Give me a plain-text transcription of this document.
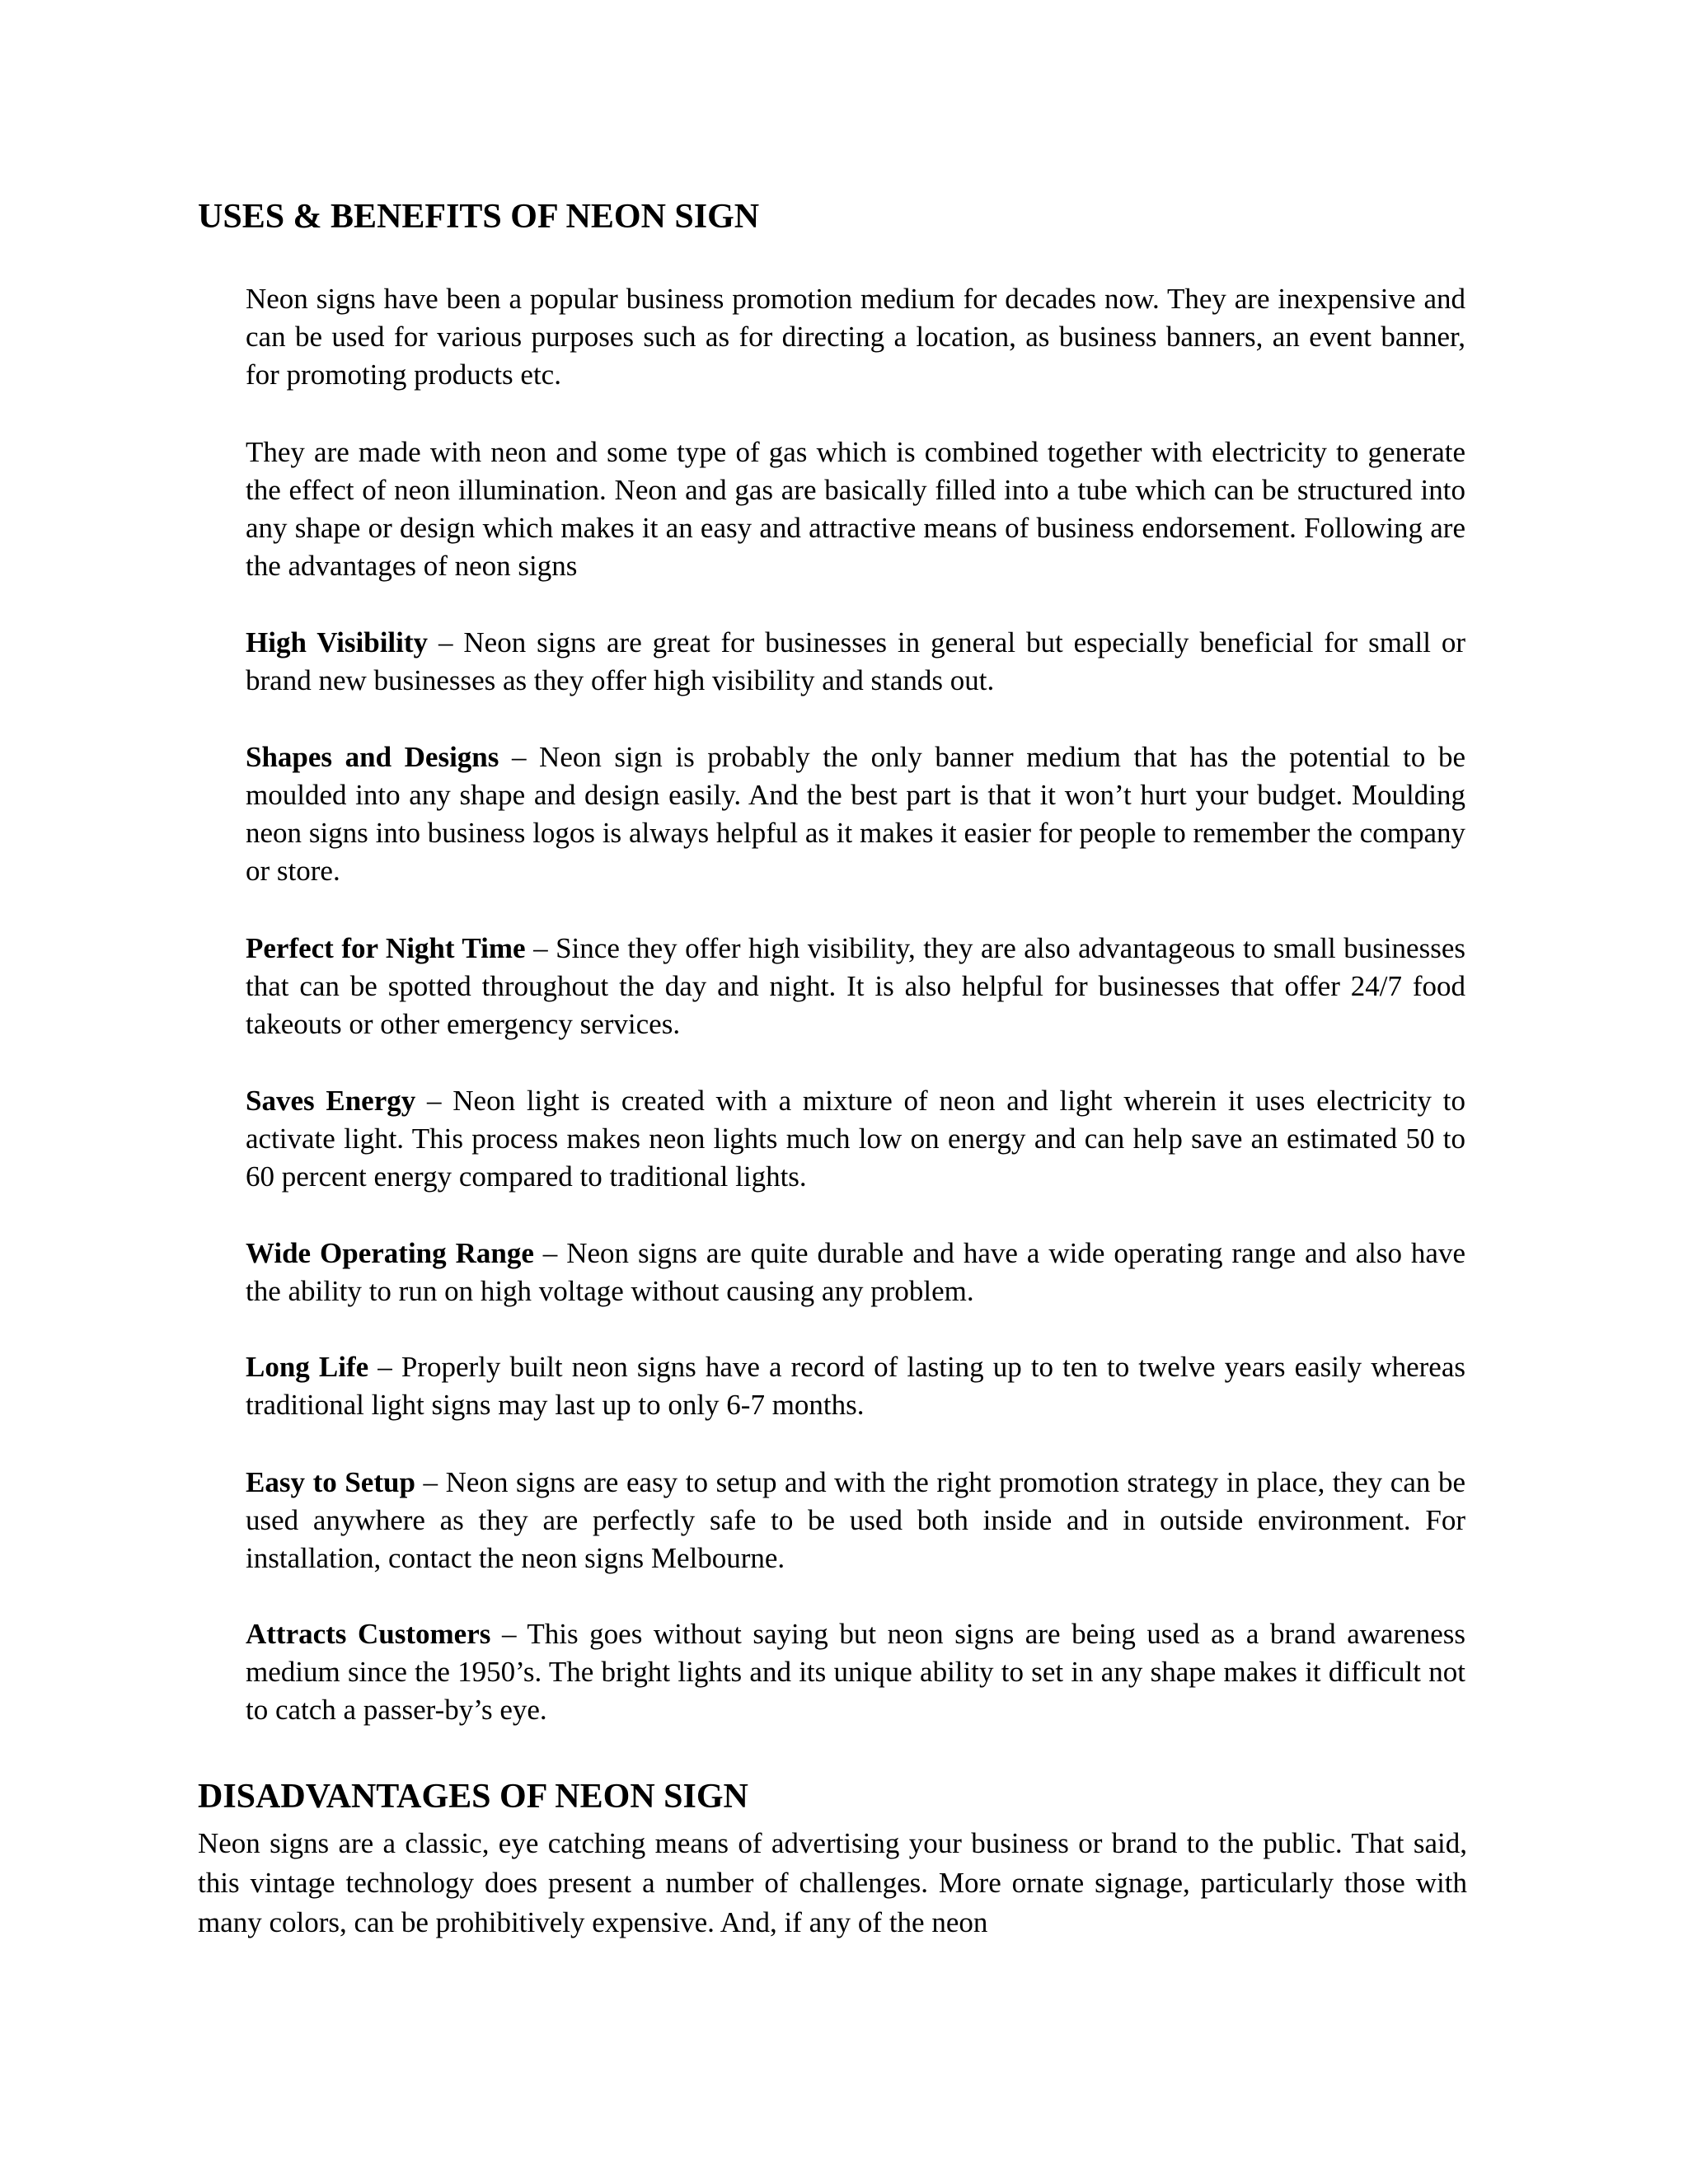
USES & BENEFITS OF NEON SIGN

Neon signs have been a popular business promotion medium for decades now. They are inexpensive and can be used for various purposes such as for directing a location, as business banners, an event banner, for promoting products etc.

They are made with neon and some type of gas which is combined together with electricity to generate the effect of neon illumination. Neon and gas are basically filled into a tube which can be structured into any shape or design which makes it an easy and attractive means of business endorsement. Following are the advantages of neon signs

High Visibility – Neon signs are great for businesses in general but especially beneficial for small or brand new businesses as they offer high visibility and stands out.

Shapes and Designs – Neon sign is probably the only banner medium that has the potential to be moulded into any shape and design easily. And the best part is that it won’t hurt your budget. Moulding neon signs into business logos is always helpful as it makes it easier for people to remember the company or store.

Perfect for Night Time – Since they offer high visibility, they are also advantageous to small businesses that can be spotted throughout the day and night. It is also helpful for businesses that offer 24/7 food takeouts or other emergency services.

Saves Energy – Neon light is created with a mixture of neon and light wherein it uses electricity to activate light. This process makes neon lights much low on energy and can help save an estimated 50 to 60 percent energy compared to traditional lights.

Wide Operating Range – Neon signs are quite durable and have a wide operating range and also have the ability to run on high voltage without causing any problem.

Long Life – Properly built neon signs have a record of lasting up to ten to twelve years easily whereas traditional light signs may last up to only 6-7 months.

Easy to Setup – Neon signs are easy to setup and with the right promotion strategy in place, they can be used anywhere as they are perfectly safe to be used both inside and in outside environment. For installation, contact the neon signs Melbourne.

Attracts Customers – This goes without saying but neon signs are being used as a brand awareness medium since the 1950’s. The bright lights and its unique ability to set in any shape makes it difficult not to catch a passer-by’s eye.

DISADVANTAGES OF NEON SIGN

Neon signs are a classic, eye catching means of advertising your business or brand to the public. That said, this vintage technology does present a number of challenges. More ornate signage, particularly those with many colors, can be prohibitively expensive. And, if any of the neon
